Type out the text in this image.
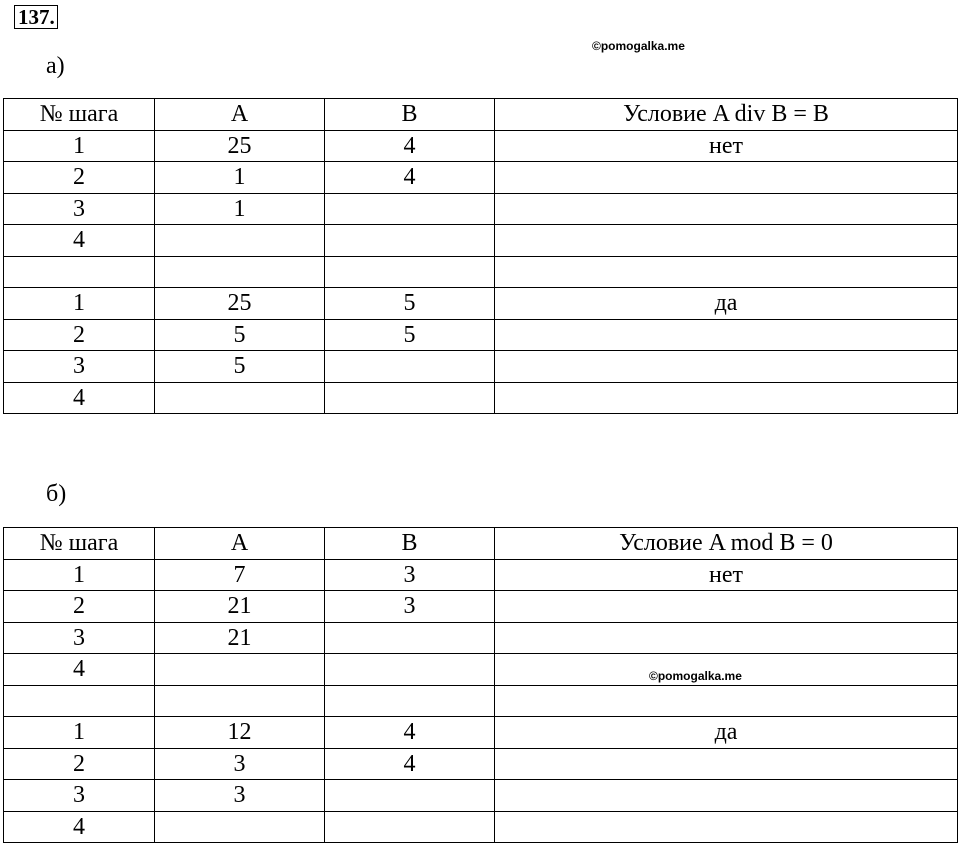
137.
а)
©pomogalka.me
№ шага	A	B	Условие A div B = B
1	25	4	нет
2	1	4	
3	1		
4			

1	25	5	да
2	5	5	
3	5		
4			
б)
№ шага	A	B	Условие A mod B = 0
1	7	3	нет
2	21	3	
3	21		
4			

1	12	4	да
2	3	4	
3	3		
4			
©pomogalka.me
